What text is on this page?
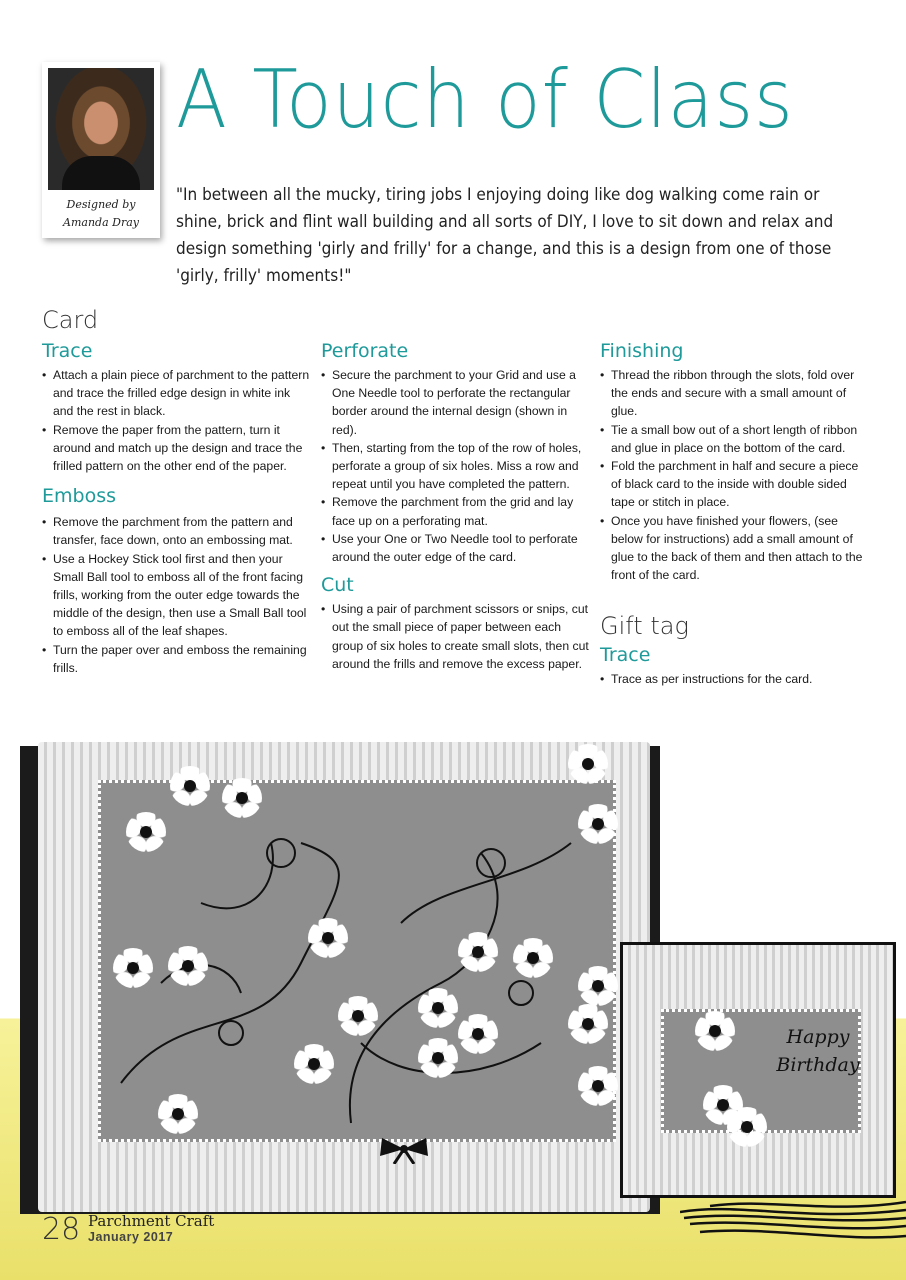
Designed by
Amanda Dray
A Touch of Class
"In between all the mucky, tiring jobs I enjoying doing like dog walking come rain or shine, brick and flint wall building and all sorts of DIY, I love to sit down and relax and design something 'girly and frilly' for a change, and this is a design from one of those 'girly, frilly' moments!"
Card
Trace
• Attach a plain piece of parchment to the pattern and trace the frilled edge design in white ink and the rest in black.
• Remove the paper from the pattern, turn it around and match up the design and trace the frilled pattern on the other end of the paper.
Emboss
• Remove the parchment from the pattern and transfer, face down, onto an embossing mat.
• Use a Hockey Stick tool first and then your Small Ball tool to emboss all of the front facing frills, working from the outer edge towards the middle of the design, then use a Small Ball tool to emboss all of the leaf shapes.
• Turn the paper over and emboss the remaining frills.
Perforate
• Secure the parchment to your Grid and use a One Needle tool to perforate the rectangular border around the internal design (shown in red).
• Then, starting from the top of the row of holes, perforate a group of six holes. Miss a row and repeat until you have completed the pattern.
• Remove the parchment from the grid and lay face up on a perforating mat.
• Use your One or Two Needle tool to perforate around the outer edge of the card.
Cut
• Using a pair of parchment scissors or snips, cut out the small piece of paper between each group of six holes to create small slots, then cut around the frills and remove the excess paper.
Finishing
• Thread the ribbon through the slots, fold over the ends and secure with a small amount of glue.
• Tie a small bow out of a short length of ribbon and glue in place on the bottom of the card.
• Fold the parchment in half and secure a piece of black card to the inside with double sided tape or stitch in place.
• Once you have finished your flowers, (see below for instructions) add a small amount of glue to the back of them and then attach to the front of the card.
Gift tag
Trace
• Trace as per instructions for the card.
Happy
Birthday
28 Parchment Craft
January 2017
